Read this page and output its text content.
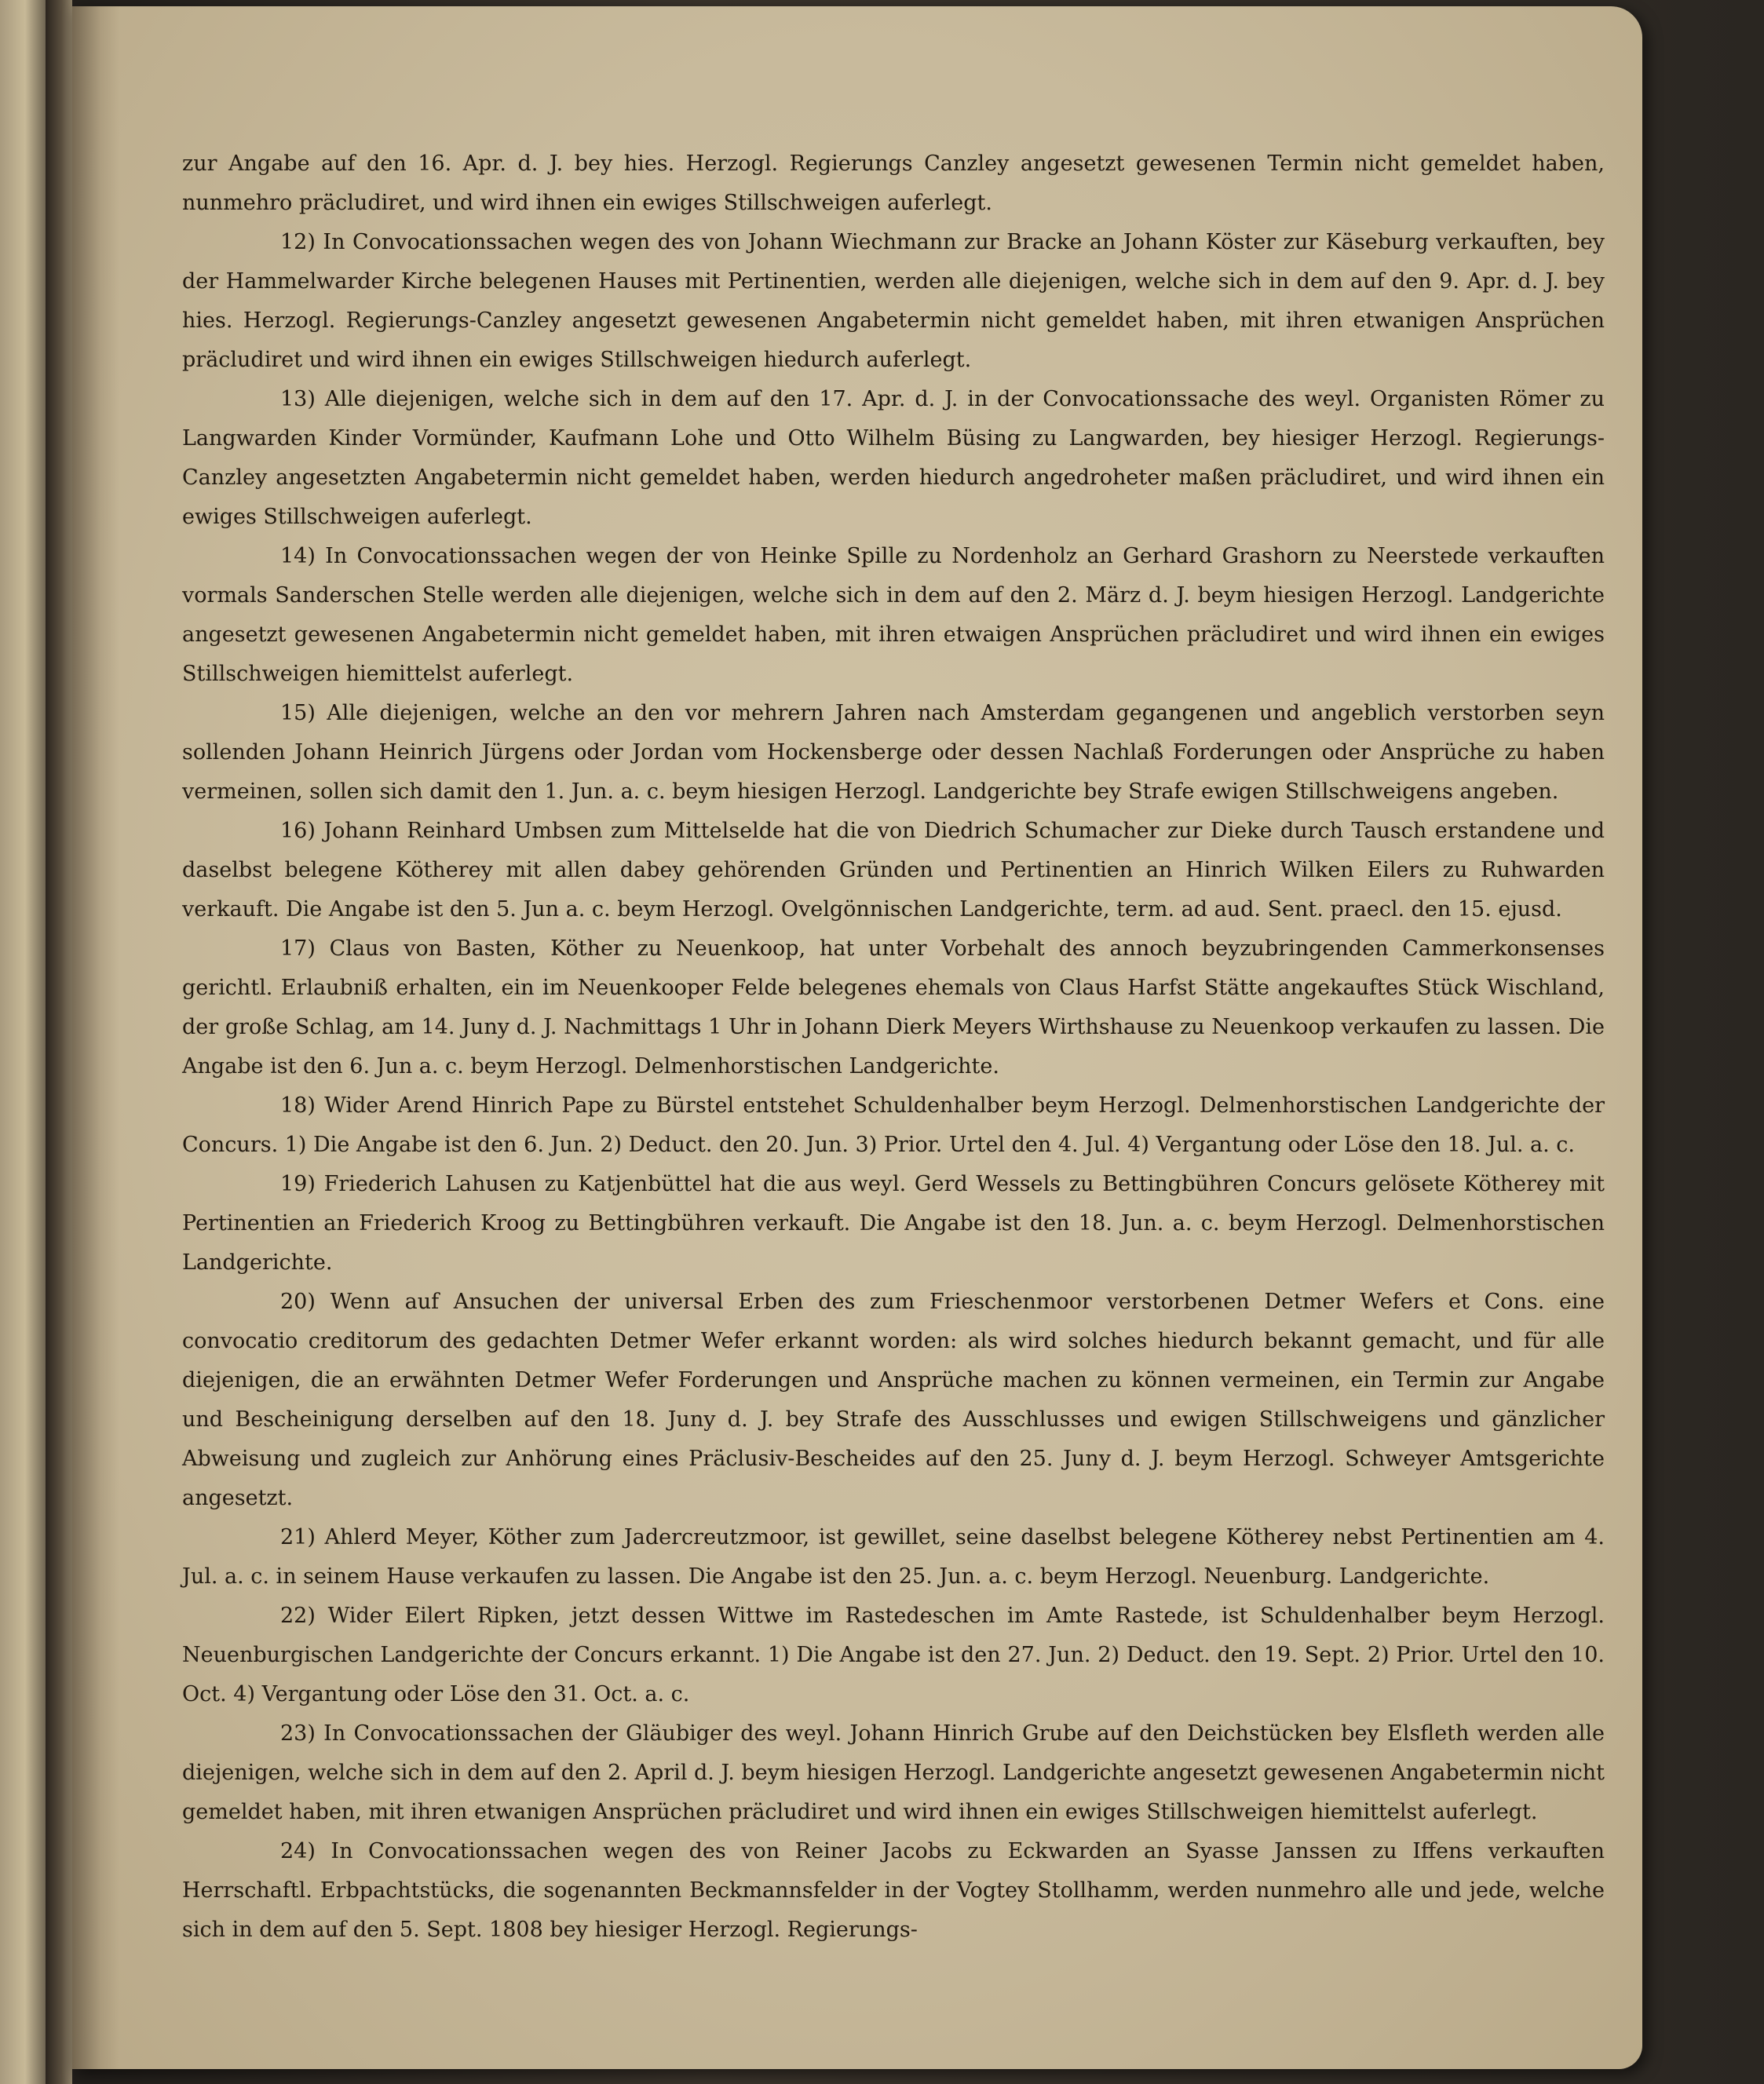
zur Angabe auf den 16. Apr. d. J. bey hies. Herzogl. Regierungs Canzley angesetzt gewesenen Termin nicht gemeldet haben, nunmehro präcludiret, und wird ihnen ein ewiges Stillschweigen auferlegt.

12) In Convocationssachen wegen des von Johann Wiechmann zur Bracke an Johann Köster zur Käseburg verkauften, bey der Hammelwarder Kirche belegenen Hauses mit Pertinentien, werden alle diejenigen, welche sich in dem auf den 9. Apr. d. J. bey hies. Herzogl. Regierungs-Canzley angesetzt gewesenen Angabetermin nicht gemeldet haben, mit ihren etwanigen Ansprüchen präcludiret und wird ihnen ein ewiges Stillschweigen hiedurch auferlegt.

13) Alle diejenigen, welche sich in dem auf den 17. Apr. d. J. in der Convocationssache des weyl. Organisten Römer zu Langwarden Kinder Vormünder, Kaufmann Lohe und Otto Wilhelm Büsing zu Langwarden, bey hiesiger Herzogl. Regierungs-Canzley angesetzten Angabetermin nicht gemeldet haben, werden hiedurch angedroheter maßen präcludiret, und wird ihnen ein ewiges Stillschweigen auferlegt.

14) In Convocationssachen wegen der von Heinke Spille zu Nordenholz an Gerhard Grashorn zu Neerstede verkauften vormals Sanderschen Stelle werden alle diejenigen, welche sich in dem auf den 2. März d. J. beym hiesigen Herzogl. Landgerichte angesetzt gewesenen Angabetermin nicht gemeldet haben, mit ihren etwaigen Ansprüchen präcludiret und wird ihnen ein ewiges Stillschweigen hiemittelst auferlegt.

15) Alle diejenigen, welche an den vor mehrern Jahren nach Amsterdam gegangenen und angeblich verstorben seyn sollenden Johann Heinrich Jürgens oder Jordan vom Hockensberge oder dessen Nachlaß Forderungen oder Ansprüche zu haben vermeinen, sollen sich damit den 1. Jun. a. c. beym hiesigen Herzogl. Landgerichte bey Strafe ewigen Stillschweigens angeben.

16) Johann Reinhard Umbsen zum Mittelselde hat die von Diedrich Schumacher zur Dieke durch Tausch erstandene und daselbst belegene Kötherey mit allen dabey gehörenden Gründen und Pertinentien an Hinrich Wilken Eilers zu Ruhwarden verkauft. Die Angabe ist den 5. Jun a. c. beym Herzogl. Ovelgönnischen Landgerichte, term. ad aud. Sent. praecl. den 15. ejusd.

17) Claus von Basten, Köther zu Neuenkoop, hat unter Vorbehalt des annoch beyzubringenden Cammerkonsenses gerichtl. Erlaubniß erhalten, ein im Neuenkooper Felde belegenes ehemals von Claus Harfst Stätte angekauftes Stück Wischland, der große Schlag, am 14. Juny d. J. Nachmittags 1 Uhr in Johann Dierk Meyers Wirthshause zu Neuenkoop verkaufen zu lassen. Die Angabe ist den 6. Jun a. c. beym Herzogl. Delmenhorstischen Landgerichte.

18) Wider Arend Hinrich Pape zu Bürstel entstehet Schuldenhalber beym Herzogl. Delmenhorstischen Landgerichte der Concurs. 1) Die Angabe ist den 6. Jun. 2) Deduct. den 20. Jun. 3) Prior. Urtel den 4. Jul. 4) Vergantung oder Löse den 18. Jul. a. c.

19) Friederich Lahusen zu Katjenbüttel hat die aus weyl. Gerd Wessels zu Bettingbühren Concurs gelösete Kötherey mit Pertinentien an Friederich Kroog zu Bettingbühren verkauft. Die Angabe ist den 18. Jun. a. c. beym Herzogl. Delmenhorstischen Landgerichte.

20) Wenn auf Ansuchen der universal Erben des zum Frieschenmoor verstorbenen Detmer Wefers et Cons. eine convocatio creditorum des gedachten Detmer Wefer erkannt worden: als wird solches hiedurch bekannt gemacht, und für alle diejenigen, die an erwähnten Detmer Wefer Forderungen und Ansprüche machen zu können vermeinen, ein Termin zur Angabe und Bescheinigung derselben auf den 18. Juny d. J. bey Strafe des Ausschlusses und ewigen Stillschweigens und gänzlicher Abweisung und zugleich zur Anhörung eines Präclusiv-Bescheides auf den 25. Juny d. J. beym Herzogl. Schweyer Amtsgerichte angesetzt.

21) Ahlerd Meyer, Köther zum Jadercreutzmoor, ist gewillet, seine daselbst belegene Kötherey nebst Pertinentien am 4. Jul. a. c. in seinem Hause verkaufen zu lassen. Die Angabe ist den 25. Jun. a. c. beym Herzogl. Neuenburg. Landgerichte.

22) Wider Eilert Ripken, jetzt dessen Wittwe im Rastedeschen im Amte Rastede, ist Schuldenhalber beym Herzogl. Neuenburgischen Landgerichte der Concurs erkannt. 1) Die Angabe ist den 27. Jun. 2) Deduct. den 19. Sept. 2) Prior. Urtel den 10. Oct. 4) Vergantung oder Löse den 31. Oct. a. c.

23) In Convocationssachen der Gläubiger des weyl. Johann Hinrich Grube auf den Deichstücken bey Elsfleth werden alle diejenigen, welche sich in dem auf den 2. April d. J. beym hiesigen Herzogl. Landgerichte angesetzt gewesenen Angabetermin nicht gemeldet haben, mit ihren etwanigen Ansprüchen präcludiret und wird ihnen ein ewiges Stillschweigen hiemittelst auferlegt.

24) In Convocationssachen wegen des von Reiner Jacobs zu Eckwarden an Syasse Janssen zu Iffens verkauften Herrschaftl. Erbpachtstücks, die sogenannten Beckmannsfelder in der Vogtey Stollhamm, werden nunmehro alle und jede, welche sich in dem auf den 5. Sept. 1808 bey hiesiger Herzogl. Regierungs-
